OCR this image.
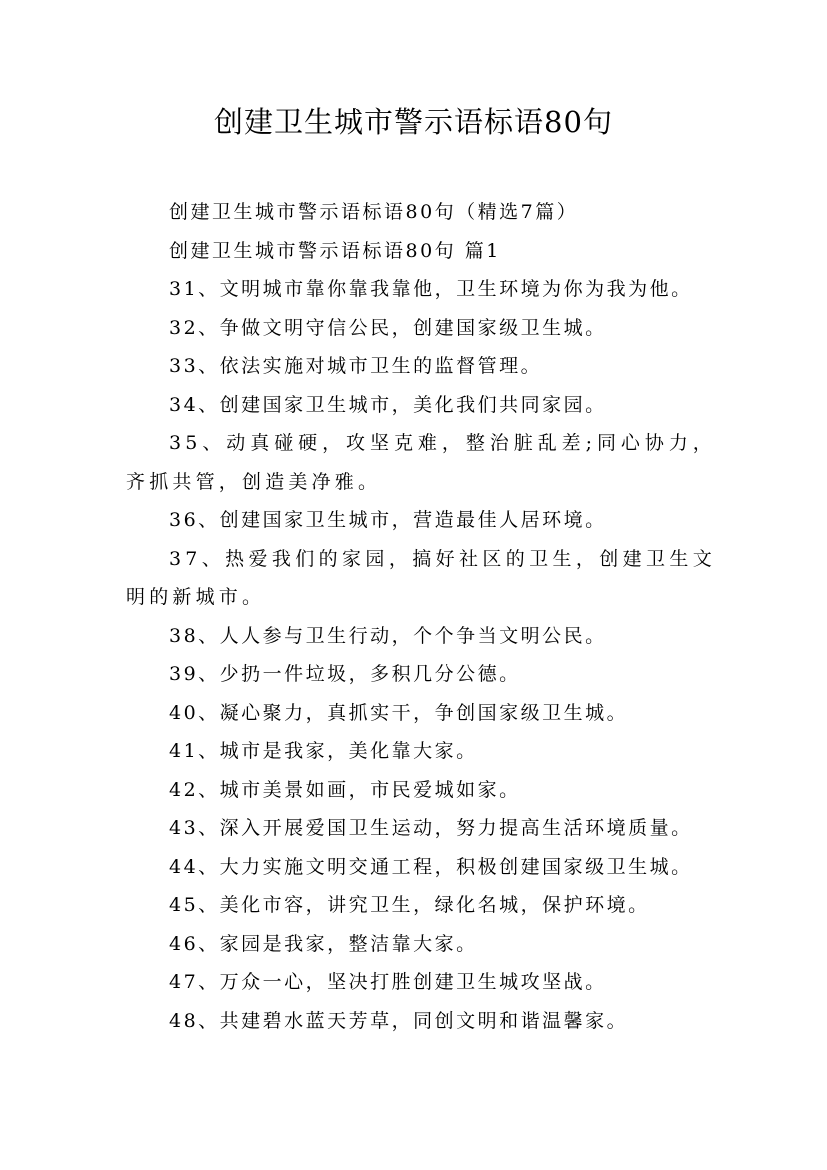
创建卫生城市警示语标语80句

创建卫生城市警示语标语80句（精选7篇）

创建卫生城市警示语标语80句 篇1

31、文明城市靠你靠我靠他，卫生环境为你为我为他。

32、争做文明守信公民，创建国家级卫生城。

33、依法实施对城市卫生的监督管理。

34、创建国家卫生城市，美化我们共同家园。

35、动真碰硬，攻坚克难，整治脏乱差;同心协力，齐抓共管，创造美净雅。

36、创建国家卫生城市，营造最佳人居环境。

37、热爱我们的家园，搞好社区的卫生，创建卫生文明的新城市。

38、人人参与卫生行动，个个争当文明公民。

39、少扔一件垃圾，多积几分公德。

40、凝心聚力，真抓实干，争创国家级卫生城。

41、城市是我家，美化靠大家。

42、城市美景如画，市民爱城如家。

43、深入开展爱国卫生运动，努力提高生活环境质量。

44、大力实施文明交通工程，积极创建国家级卫生城。

45、美化市容，讲究卫生，绿化名城，保护环境。

46、家园是我家，整洁靠大家。

47、万众一心，坚决打胜创建卫生城攻坚战。

48、共建碧水蓝天芳草，同创文明和谐温馨家。
